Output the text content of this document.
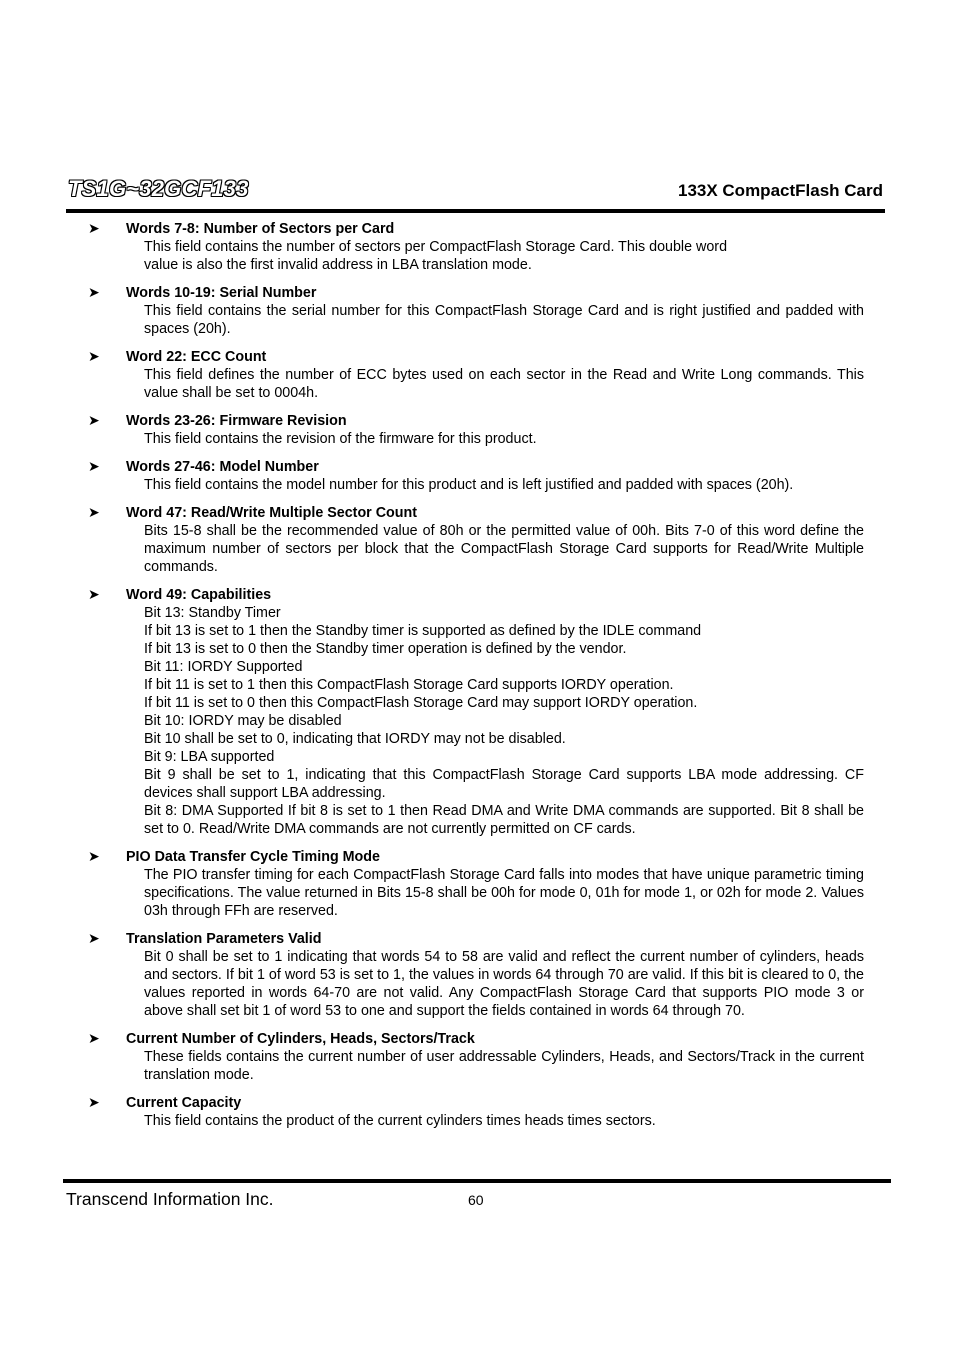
TS1G~32GCF133	133X CompactFlash Card
➤ Words 7-8: Number of Sectors per Card
This field contains the number of sectors per CompactFlash Storage Card. This double word
value is also the first invalid address in LBA translation mode.
➤ Words 10-19: Serial Number
This field contains the serial number for this CompactFlash Storage Card and is right justified and padded with spaces (20h).
➤ Word 22: ECC Count
This field defines the number of ECC bytes used on each sector in the Read and Write Long commands. This value shall be set to 0004h.
➤ Words 23-26: Firmware Revision
This field contains the revision of the firmware for this product.
➤ Words 27-46: Model Number
This field contains the model number for this product and is left justified and padded with spaces (20h).
➤ Word 47: Read/Write Multiple Sector Count
Bits 15-8 shall be the recommended value of 80h or the permitted value of 00h. Bits 7-0 of this word define the maximum number of sectors per block that the CompactFlash Storage Card supports for Read/Write Multiple commands.
➤ Word 49: Capabilities
Bit 13: Standby Timer
If bit 13 is set to 1 then the Standby timer is supported as defined by the IDLE command
If bit 13 is set to 0 then the Standby timer operation is defined by the vendor.
Bit 11: IORDY Supported
If bit 11 is set to 1 then this CompactFlash Storage Card supports IORDY operation.
If bit 11 is set to 0 then this CompactFlash Storage Card may support IORDY operation.
Bit 10: IORDY may be disabled
Bit 10 shall be set to 0, indicating that IORDY may not be disabled.
Bit 9: LBA supported
Bit 9 shall be set to 1, indicating that this CompactFlash Storage Card supports LBA mode addressing. CF devices shall support LBA addressing.
Bit 8: DMA Supported If bit 8 is set to 1 then Read DMA and Write DMA commands are supported. Bit 8 shall be set to 0. Read/Write DMA commands are not currently permitted on CF cards.
➤ PIO Data Transfer Cycle Timing Mode
The PIO transfer timing for each CompactFlash Storage Card falls into modes that have unique parametric timing specifications. The value returned in Bits 15-8 shall be 00h for mode 0, 01h for mode 1, or 02h for mode 2. Values 03h through FFh are reserved.
➤ Translation Parameters Valid
Bit 0 shall be set to 1 indicating that words 54 to 58 are valid and reflect the current number of cylinders, heads and sectors. If bit 1 of word 53 is set to 1, the values in words 64 through 70 are valid. If this bit is cleared to 0, the values reported in words 64-70 are not valid. Any CompactFlash Storage Card that supports PIO mode 3 or above shall set bit 1 of word 53 to one and support the fields contained in words 64 through 70.
➤ Current Number of Cylinders, Heads, Sectors/Track
These fields contains the current number of user addressable Cylinders, Heads, and Sectors/Track in the current translation mode.
➤ Current Capacity
This field contains the product of the current cylinders times heads times sectors.
Transcend Information Inc.	60
